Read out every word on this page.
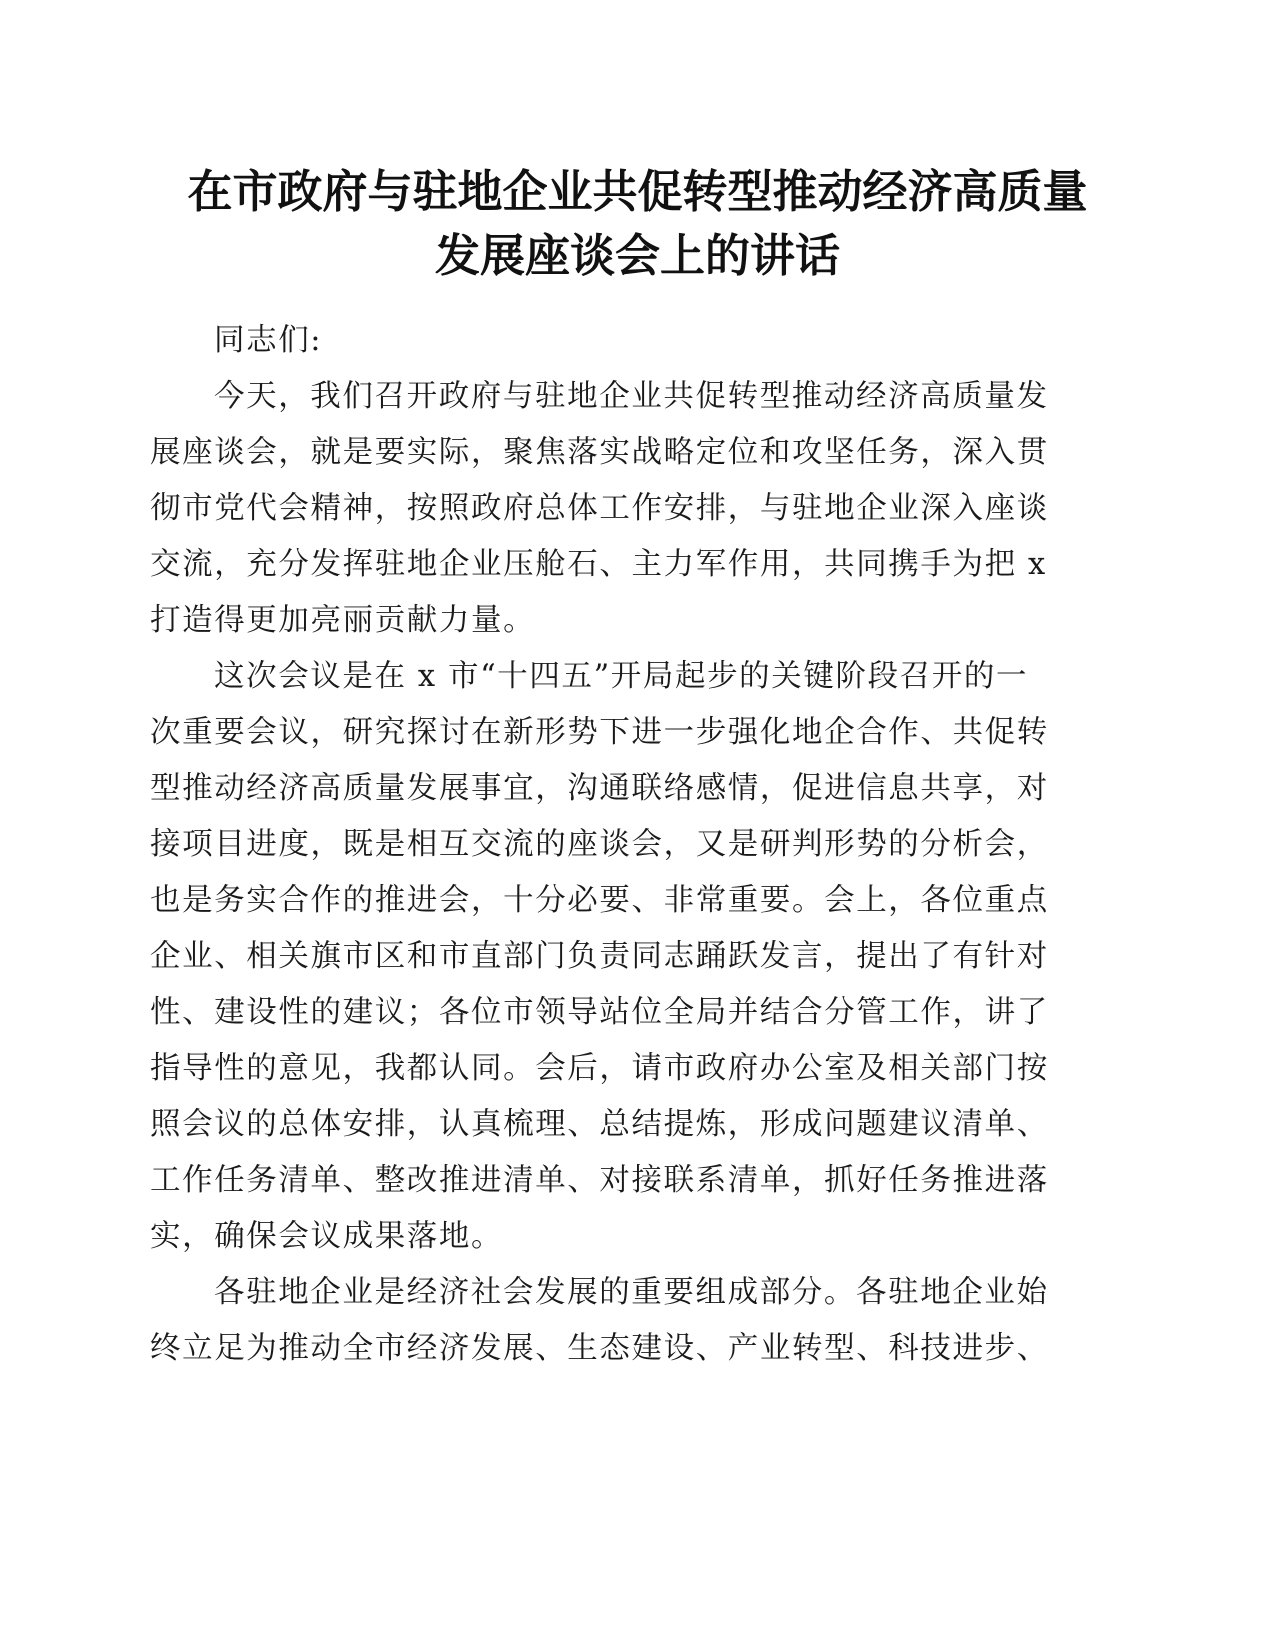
在市政府与驻地企业共促转型推动经济高质量
发展座谈会上的讲话
同志们:
今天，我们召开政府与驻地企业共促转型推动经济高质量发
展座谈会，就是要实际，聚焦落实战略定位和攻坚任务，深入贯
彻市党代会精神，按照政府总体工作安排，与驻地企业深入座谈
交流，充分发挥驻地企业压舱石、主力军作用，共同携手为把 x
打造得更加亮丽贡献力量。
这次会议是在 x 市“十四五”开局起步的关键阶段召开的一
次重要会议，研究探讨在新形势下进一步强化地企合作、共促转
型推动经济高质量发展事宜，沟通联络感情，促进信息共享，对
接项目进度，既是相互交流的座谈会，又是研判形势的分析会，
也是务实合作的推进会，十分必要、非常重要。会上，各位重点
企业、相关旗市区和市直部门负责同志踊跃发言，提出了有针对
性、建设性的建议；各位市领导站位全局并结合分管工作，讲了
指导性的意见，我都认同。会后，请市政府办公室及相关部门按
照会议的总体安排，认真梳理、总结提炼，形成问题建议清单、
工作任务清单、整改推进清单、对接联系清单，抓好任务推进落
实，确保会议成果落地。
各驻地企业是经济社会发展的重要组成部分。各驻地企业始
终立足为推动全市经济发展、生态建设、产业转型、科技进步、
